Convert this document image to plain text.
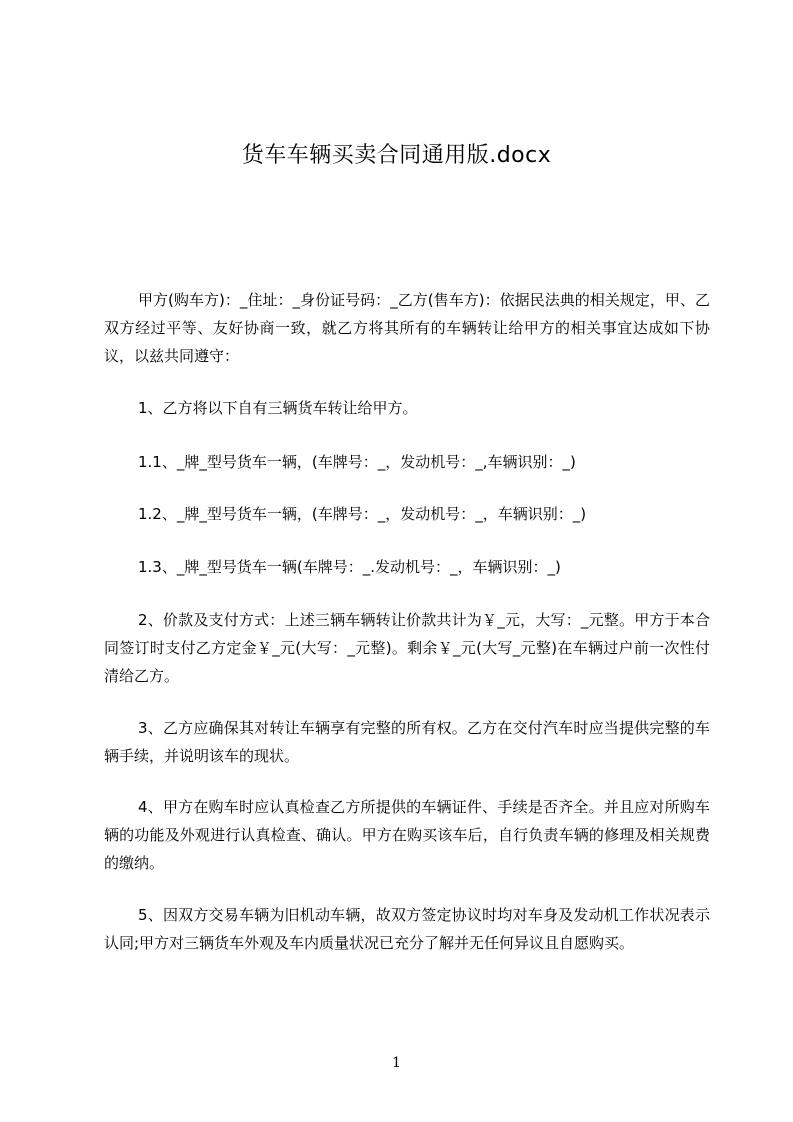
货车车辆买卖合同通用版.docx

甲方(购车方)：_住址：_身份证号码：_乙方(售车方)：依据民法典的相关规定，甲、乙双方经过平等、友好协商一致，就乙方将其所有的车辆转让给甲方的相关事宜达成如下协议，以兹共同遵守：

1、乙方将以下自有三辆货车转让给甲方。

1.1、_牌_型号货车一辆，(车牌号：_，发动机号：_,车辆识别：_)

1.2、_牌_型号货车一辆，(车牌号：_，发动机号：_，车辆识别：_)

1.3、_牌_型号货车一辆(车牌号：_.发动机号：_，车辆识别：_)

2、价款及支付方式：上述三辆车辆转让价款共计为￥_元，大写：_元整。甲方于本合同签订时支付乙方定金￥_元(大写：_元整)。剩余￥_元(大写_元整)在车辆过户前一次性付清给乙方。

3、乙方应确保其对转让车辆享有完整的所有权。乙方在交付汽车时应当提供完整的车辆手续，并说明该车的现状。

4、甲方在购车时应认真检查乙方所提供的车辆证件、手续是否齐全。并且应对所购车辆的功能及外观进行认真检查、确认。甲方在购买该车后，自行负责车辆的修理及相关规费的缴纳。

5、因双方交易车辆为旧机动车辆，故双方签定协议时均对车身及发动机工作状况表示认同;甲方对三辆货车外观及车内质量状况已充分了解并无任何异议且自愿购买。

1
